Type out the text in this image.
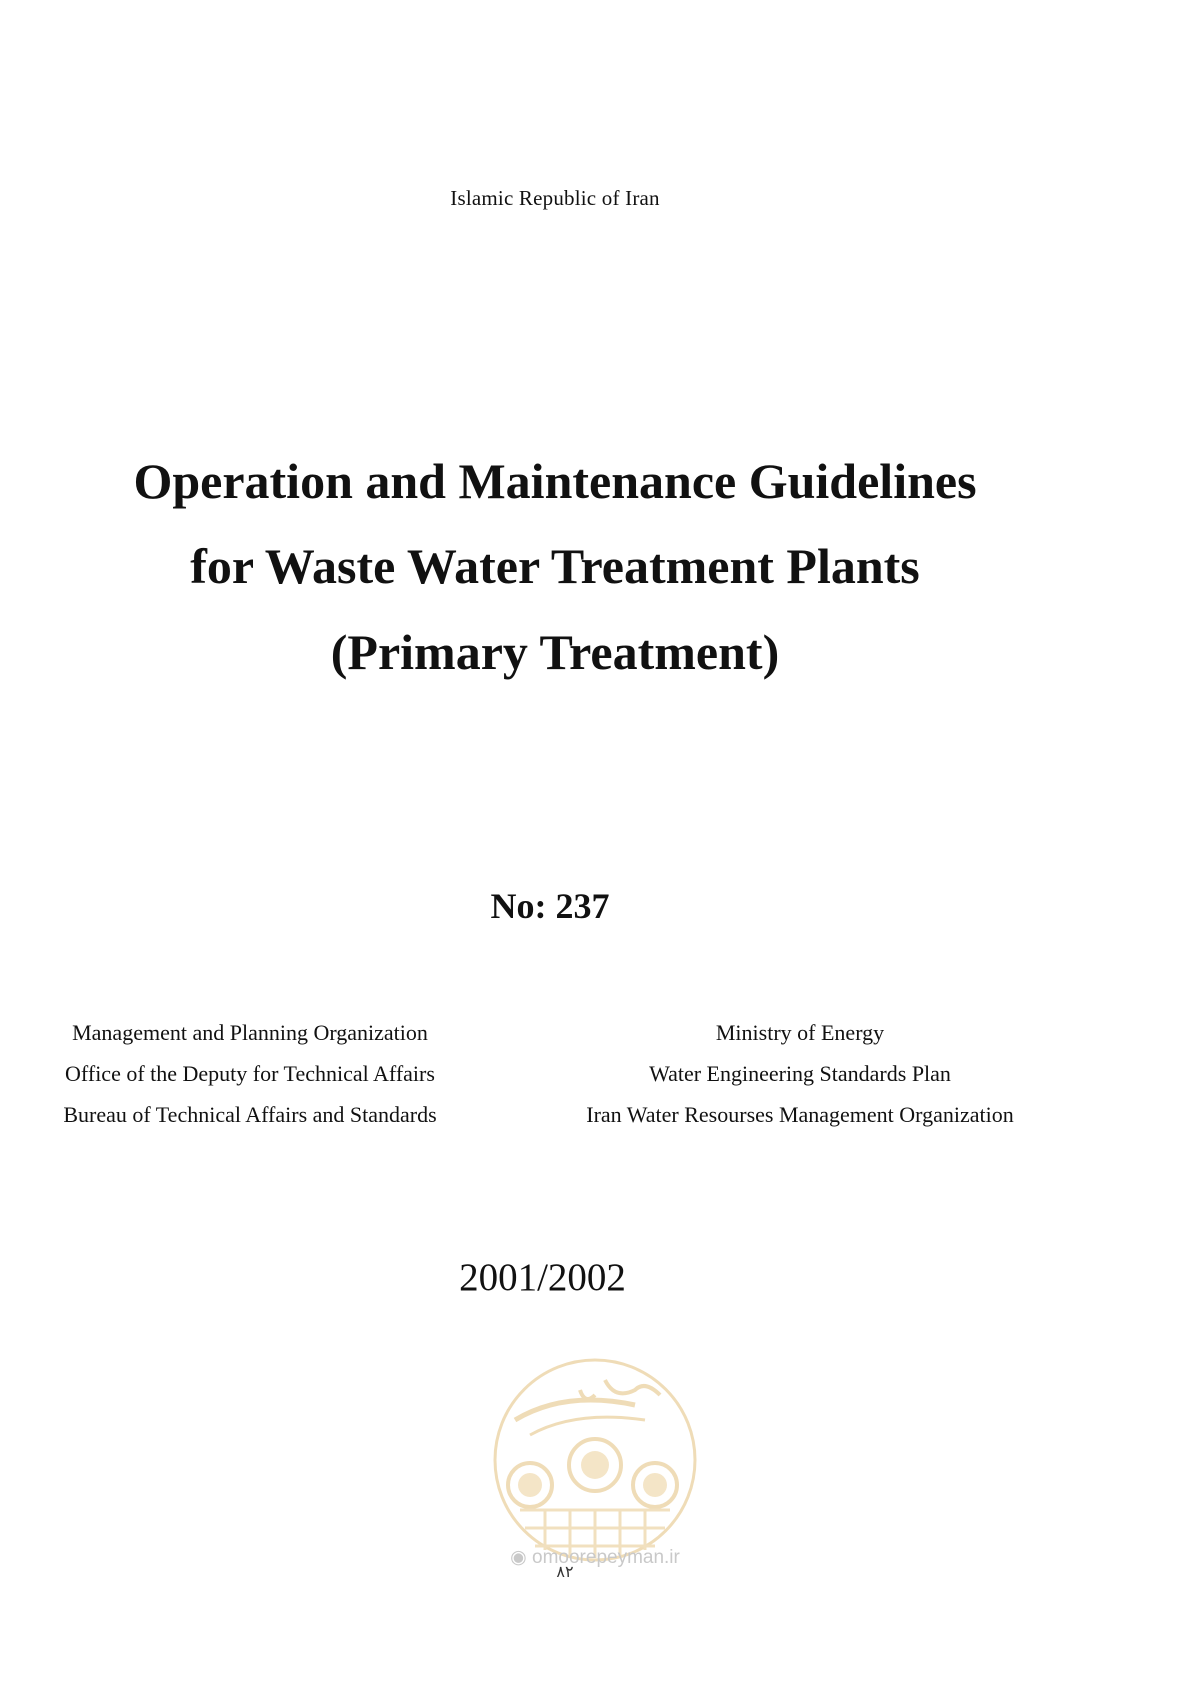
Islamic Republic of Iran
Operation and Maintenance Guidelines
for Waste Water Treatment Plants
(Primary Treatment)
No: 237
Management and Planning Organization
Office of the Deputy for Technical Affairs
Bureau of Technical Affairs and Standards
Ministry of Energy
Water Engineering Standards Plan
Iran Water Resourses Management Organization
2001/2002
◉ omoorepeyman.ir
۸۲
